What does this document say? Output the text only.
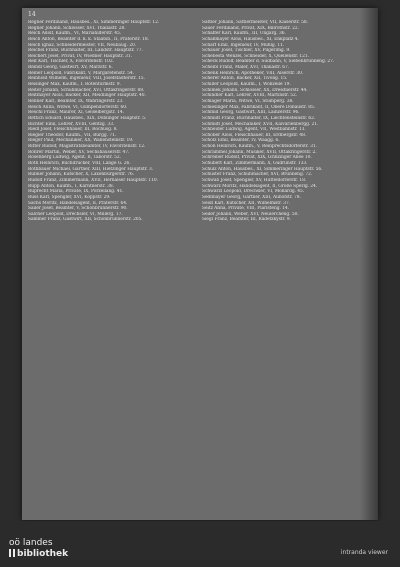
14
Regner Ferdinand, Hausbes., XI, Simmeringer Hauptstr. 12.
Regner Johann, Schlosser, XVI, Thaliastr. 28.
Reich Adolf, Kaufm., VI, Mariahilferstr. 45.
Reich Anton, Beamter d. k. k. Staatsb., II, Praterstr. 18.
Reich Ignaz, Schneidermeister, VII, Neubaug. 20.
Reichel Franz, Buchhalter, III, Landstr. Hauptstr. 77.
Reichert Josef, Privat, IV, Wiedner Hauptstr. 31.
Reif Karl, Tischler, X, Favoritenstr. 102.
Reindl Georg, Gastwirt, XV, Märzstr. 6.
Reiner Leopold, Fabrikant, V, Margaretenstr. 54.
Reinhold Wilhelm, Ingenieur, VIII, Josefstädterstr. 15.
Reisinger Max, Kaufm., I, Rotenturmstr. 9.
Reiter Johann, Schuhmacher, XVI, Ottakringerstr. 88.
Reitmayer Alois, Bäcker, XII, Meidlinger Hauptstr. 40.
Renner Karl, Beamter, IX, Währingerstr. 23.
Resch Anna, Witwe, VI, Gumpendorferstr. 60.
Reschl Franz, Maurer, XI, Geiselbergstr. 14.
Rettich Eduard, Hausbes., XIX, Döblinger Hauptstr. 5.
Richter Emil, Lehrer, XVIII, Gentzg. 33.
Riedl Josef, Fleischhauer, III, Rochusg. 8.
Riegler Theodor, Kaufm., VII, Burgg. 71.
Rieger Paul, Mechaniker, XX, Wallensteinstr. 19.
Ritter Rudolf, Magistratsbeamter, IV, Favoritenstr. 12.
Rohrer Martin, Weber, XV, Sechshauserstr. 47.
Rosenberg Ludwig, Agent, II, Taborstr. 52.
Roth Heinrich, Buchdrucker, VIII, Lange G. 26.
Rothbauer Michael, Gärtner, XIII, Hietzinger Hauptstr. 3.
Rubner Johann, Kutscher, X, Laxenburgerstr. 76.
Rudolf Franz, Zimmermann, XVII, Hernalser Hauptstr. 110.
Rupp Anton, Kaufm., I, Kärntnerstr. 38.
Ruprecht Maria, Private, IX, Porzellang. 41.
Russ Karl, Spengler, XVI, Koppstr. 29.
Sachs Moritz, Handelsagent, II, Praterstr. 64.
Sailer Josef, Beamter, V, Schönbrunnerstr. 90.
Salcher Leopold, Drechsler, VI, Millerg. 17.
Sammer Franz, Gastwirt, XII, Schönbrunnerstr. 205.
Sattler Johann, Sattlermeister, VII, Kaiserstr. 58.
Sauer Ferdinand, Privat, XIX, Billrothstr. 22.
Schaffer Karl, Kaufm., III, Ungarg. 36.
Schallmayer Alois, Hausbes., XI, Enkplatz 4.
Scharf Emil, Ingenieur, IV, Mühlg. 11.
Schauer Josef, Tischler, XV, Pilgerimg. 9.
Schebesta Wenzel, Schneider, X, Quellenstr. 121.
Scheck Rudolf, Beamter d. Südbahn, V, Siebenbrunneng. 27.
Scheibl Franz, Maler, XVI, Thaliastr. 67.
Schenk Heinrich, Apotheker, VIII, Alserstr. 30.
Scherer Anton, Bäcker, XII, Tivolig. 15.
Schiller Leopold, Kaufm., I, Wollzeile 19.
Schimek Johann, Schlosser, XX, Dresdnerstr. 44.
Schindler Karl, Lehrer, XVIII, Martinstr. 52.
Schlager Maria, Witwe, VI, Stumperg. 38.
Schlesinger Max, Fabrikant, II, Obere Donaustr. 85.
Schmid Georg, Gastwirt, XIII, Lainzerstr. 96.
Schmidt Franz, Buchhalter, IX, Liechtensteinstr. 62.
Schmidt Josef, Mechaniker, XVII, Kalvarienbergg. 21.
Schneider Ludwig, Agent, VII, Westbahnstr. 13.
Schober Alois, Fleischhauer, III, Erdbergstr. 48.
Scholz Emil, Beamter, IV, Waagg. 6.
Schön Heinrich, Kaufm., V, Reinprechtsdorferstr. 31.
Schrammel Johann, Musiker, XVII, Ottakringerstr. 2.
Schreiber Rudolf, Privat, XIX, Grinzinger Allee 10.
Schubert Karl, Zimmermann, X, Gudrunstr. 133.
Schulz Anton, Hausbes., XI, Simmeringer Hauptstr. 56.
Schuster Franz, Schuhmacher, XVI, Brunneng. 72.
Schwab Josef, Spengler, XV, Hütteldorferstr. 18.
Schwarz Moritz, Handelsagent, II, Große Sperlg. 24.
Schwarzl Leopold, Drechsler, VI, Mollardg. 45.
Sedlmayer Georg, Gärtner, XIII, Auhofstr. 78.
Seidl Karl, Kutscher, XII, Wilhelmstr. 37.
Seitz Anna, Private, VIII, Piaristeng. 14.
Seiler Johann, Weber, XVI, Neulercheng. 50.
Siegl Franz, Beamter, III, Radetzkystr. 9.
oö landes
bibliothek	intranda viewer
